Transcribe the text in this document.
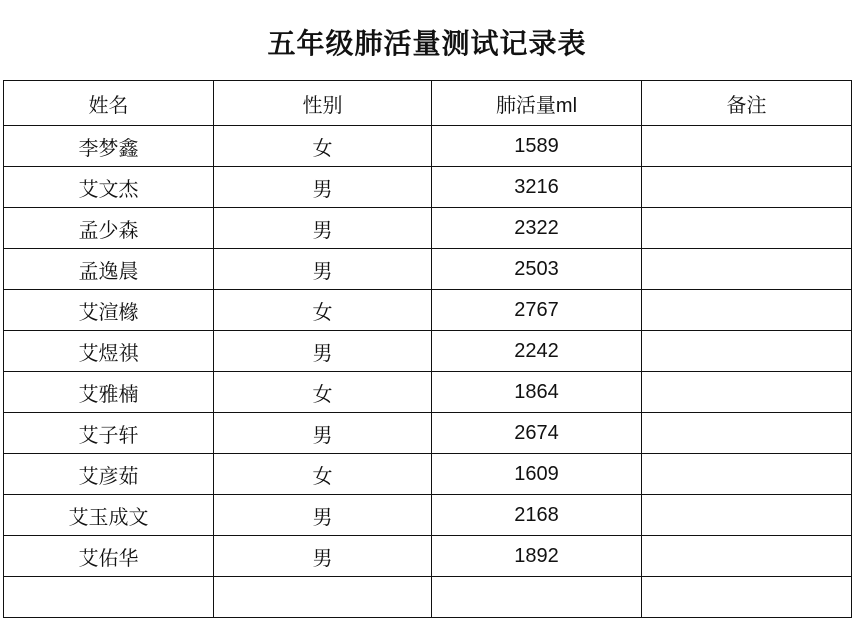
五年级肺活量测试记录表
姓名	性别	肺活量ml	备注
李梦鑫	女	1589	
艾文杰	男	3216	
孟少森	男	2322	
孟逸晨	男	2503	
艾渲橼	女	2767	
艾煜祺	男	2242	
艾雅楠	女	1864	
艾子轩	男	2674	
艾彦茹	女	1609	
艾玉成文	男	2168	
艾佑华	男	1892	
